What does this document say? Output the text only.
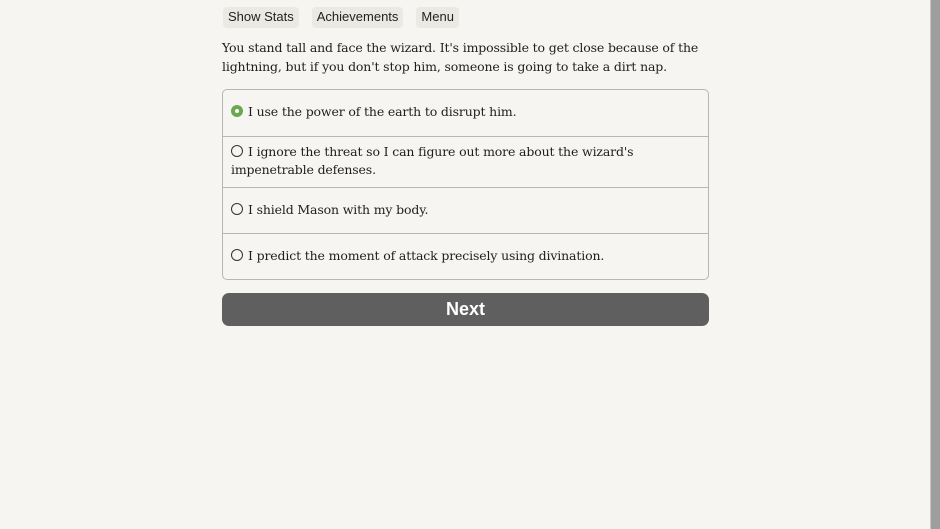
Show Stats	Achievements	Menu
You stand tall and face the wizard. It's impossible to get close because of the lightning, but if you don't stop him, someone is going to take a dirt nap.
I use the power of the earth to disrupt him.
I ignore the threat so I can figure out more about the wizard's impenetrable defenses.
I shield Mason with my body.
I predict the moment of attack precisely using divination.
Next
